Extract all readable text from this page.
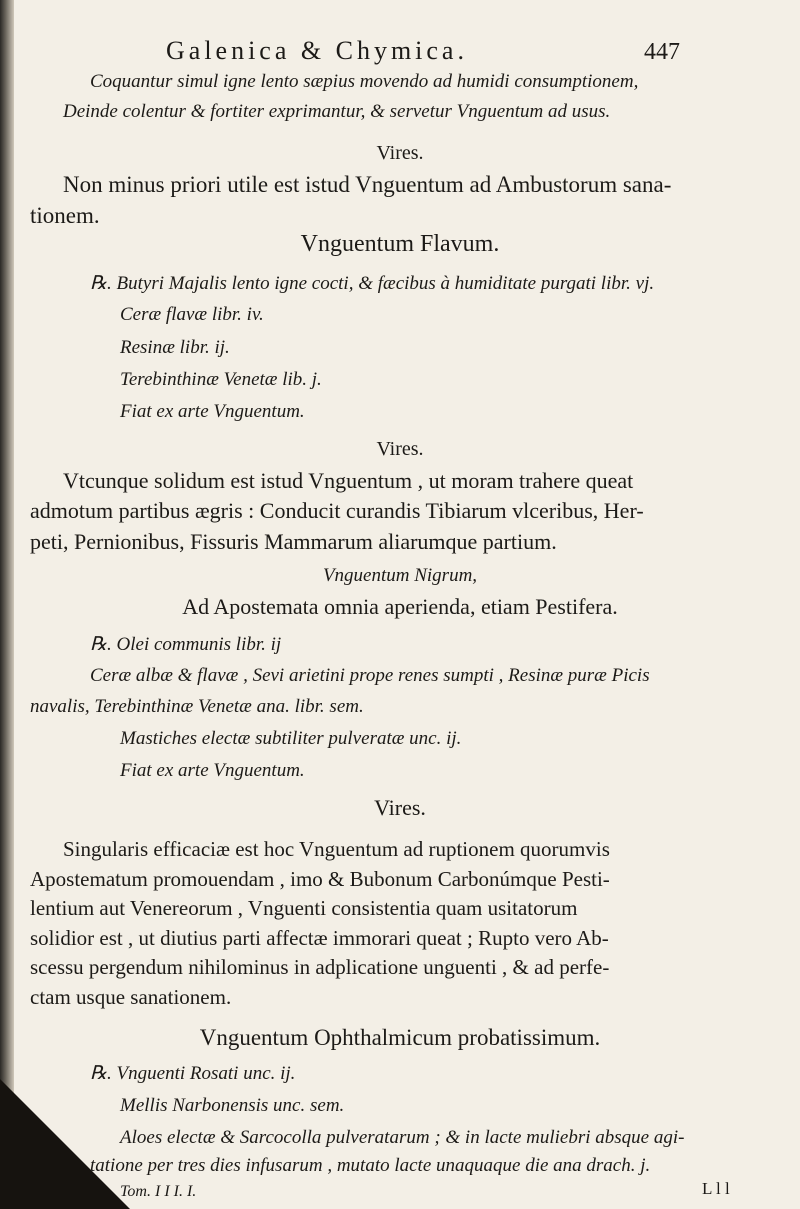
Galenica & Chymica.	447
Coquantur simul igne lento sæpius movendo ad humidi consumptionem,
Deinde colentur & fortiter exprimantur, & servetur Vnguentum ad usus.
Vires.
Non minus priori utile est istud Vnguentum ad Ambustorum sana-
tionem.
Vnguentum Flavum.
℞. Butyri Majalis lento igne cocti, & fæcibus à humiditate purgati libr. vj.
Ceræ flavæ libr. iv.
Resinæ libr. ij.
Terebinthinæ Venetæ lib. j.
Fiat ex arte Vnguentum.
Vires.
Vtcunque solidum est istud Vnguentum , ut moram trahere queat
admotum partibus ægris : Conducit curandis Tibiarum vlceribus, Her-
peti, Pernionibus, Fissuris Mammarum aliarumque partium.
Vnguentum Nigrum,
Ad Apostemata omnia aperienda, etiam Pestifera.
℞. Olei communis libr. ij
Ceræ albæ & flavæ , Sevi arietini prope renes sumpti , Resinæ puræ Picis
navalis, Terebinthinæ Venetæ ana. libr. sem.
Mastiches electæ subtiliter pulveratæ unc. ij.
Fiat ex arte Vnguentum.
Vires.
Singularis efficaciæ est hoc Vnguentum ad ruptionem quorumvis
Apostematum promouendam , imo & Bubonum Carbonúmque Pesti-
lentium aut Venereorum , Vnguenti consistentia quam usitatorum
solidior est , ut diutius parti affectæ immorari queat ; Rupto vero Ab-
scessu pergendum nihilominus in adplicatione unguenti , & ad perfe-
ctam usque sanationem.
Vnguentum Ophthalmicum probatissimum.
℞. Vnguenti Rosati unc. ij.
Mellis Narbonensis unc. sem.
Aloes electæ & Sarcocolla pulveratarum ; & in lacte muliebri absque agi-
tatione per tres dies infusarum , mutato lacte unaquaque die ana drach. j.
Tom. I I I. I.	L l l
